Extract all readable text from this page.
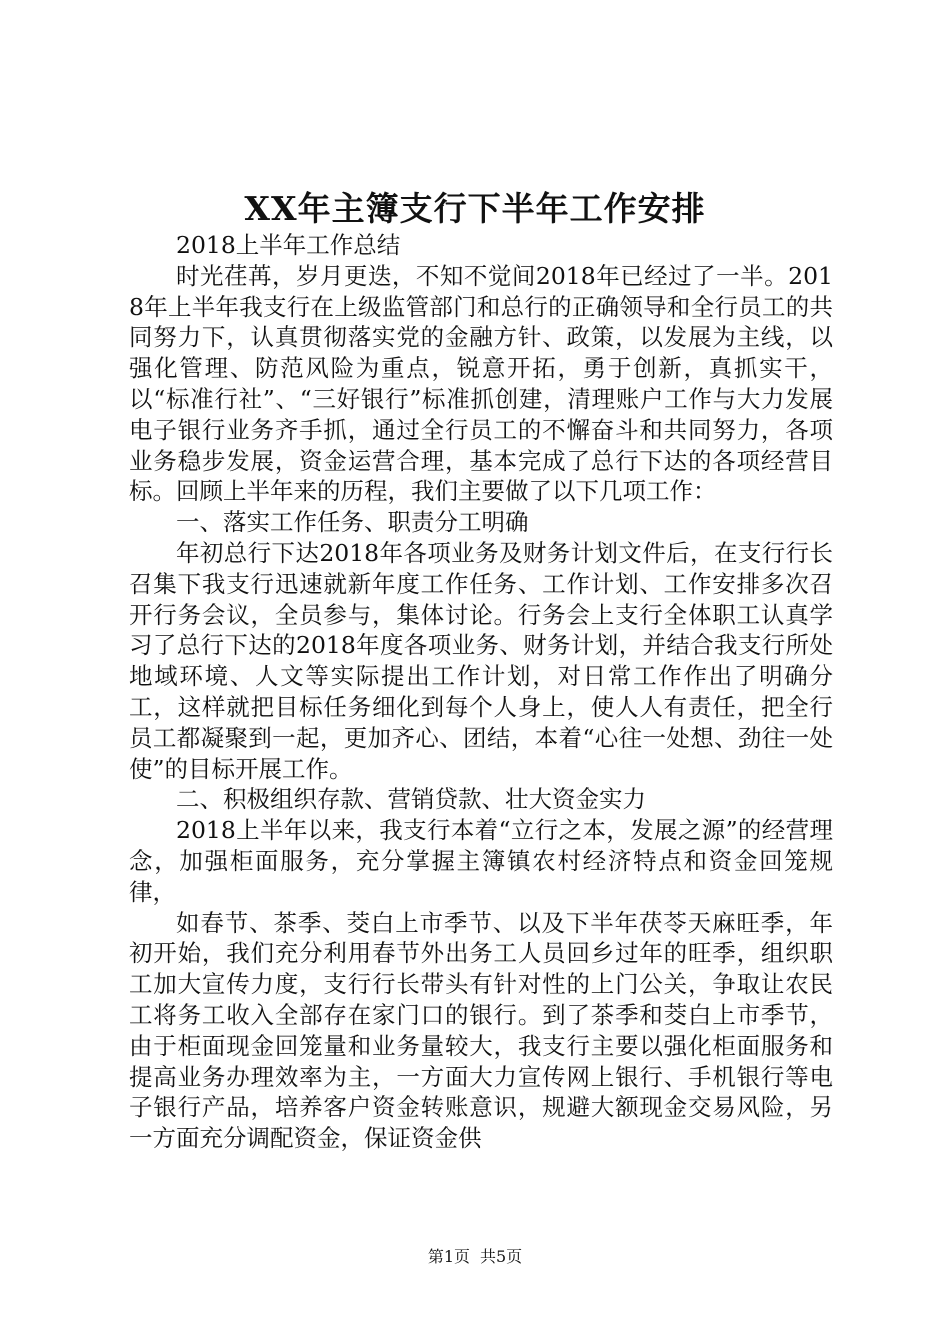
XX年主簿支行下半年工作安排

2018上半年工作总结

时光荏苒，岁月更迭，不知不觉间2018年已经过了一半。2018年上半年我支行在上级监管部门和总行的正确领导和全行员工的共同努力下，认真贯彻落实党的金融方针、政策，以发展为主线，以强化管理、防范风险为重点，锐意开拓，勇于创新，真抓实干，以“标准行社”、“三好银行”标准抓创建，清理账户工作与大力发展电子银行业务齐手抓，通过全行员工的不懈奋斗和共同努力，各项业务稳步发展，资金运营合理，基本完成了总行下达的各项经营目标。回顾上半年来的历程，我们主要做了以下几项工作：

一、落实工作任务、职责分工明确

年初总行下达2018年各项业务及财务计划文件后，在支行行长召集下我支行迅速就新年度工作任务、工作计划、工作安排多次召开行务会议，全员参与，集体讨论。行务会上支行全体职工认真学习了总行下达的2018年度各项业务、财务计划，并结合我支行所处地域环境、人文等实际提出工作计划，对日常工作作出了明确分工，这样就把目标任务细化到每个人身上，使人人有责任，把全行员工都凝聚到一起，更加齐心、团结，本着“心往一处想、劲往一处使”的目标开展工作。

二、积极组织存款、营销贷款、壮大资金实力

2018上半年以来，我支行本着“立行之本，发展之源”的经营理念，加强柜面服务，充分掌握主簿镇农村经济特点和资金回笼规律，

如春节、茶季、茭白上市季节、以及下半年茯苓天麻旺季，年初开始，我们充分利用春节外出务工人员回乡过年的旺季，组织职工加大宣传力度，支行行长带头有针对性的上门公关，争取让农民工将务工收入全部存在家门口的银行。到了茶季和茭白上市季节，由于柜面现金回笼量和业务量较大，我支行主要以强化柜面服务和提高业务办理效率为主，一方面大力宣传网上银行、手机银行等电子银行产品，培养客户资金转账意识，规避大额现金交易风险，另一方面充分调配资金，保证资金供

第1页 共5页
